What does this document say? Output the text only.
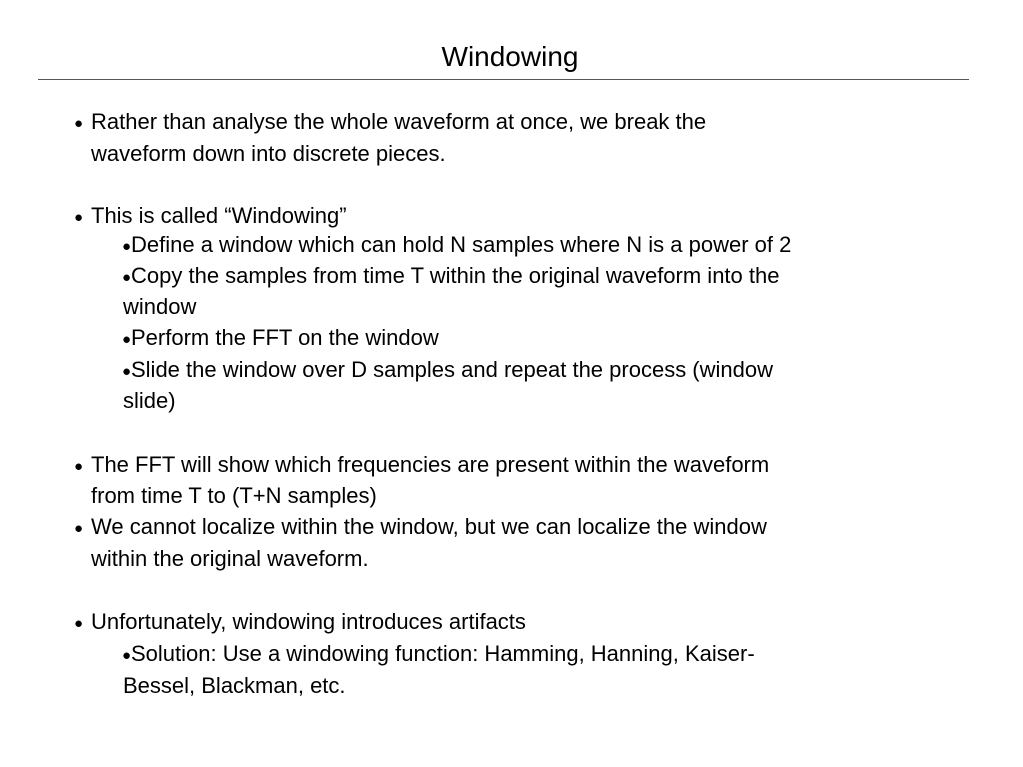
Windowing
● Rather than analyse the whole waveform at once, we break the
waveform down into discrete pieces.
● This is called “Windowing”
● Define a window which can hold N samples where N is a power of 2
● Copy the samples from time T within the original waveform into the
window
● Perform the FFT on the window
● Slide the window over D samples and repeat the process (window
slide)
● The FFT will show which frequencies are present within the waveform
from time T to (T+N samples)
● We cannot localize within the window, but we can localize the window
within the original waveform.
● Unfortunately, windowing introduces artifacts
● Solution: Use a windowing function: Hamming, Hanning, Kaiser-
Bessel, Blackman, etc.
